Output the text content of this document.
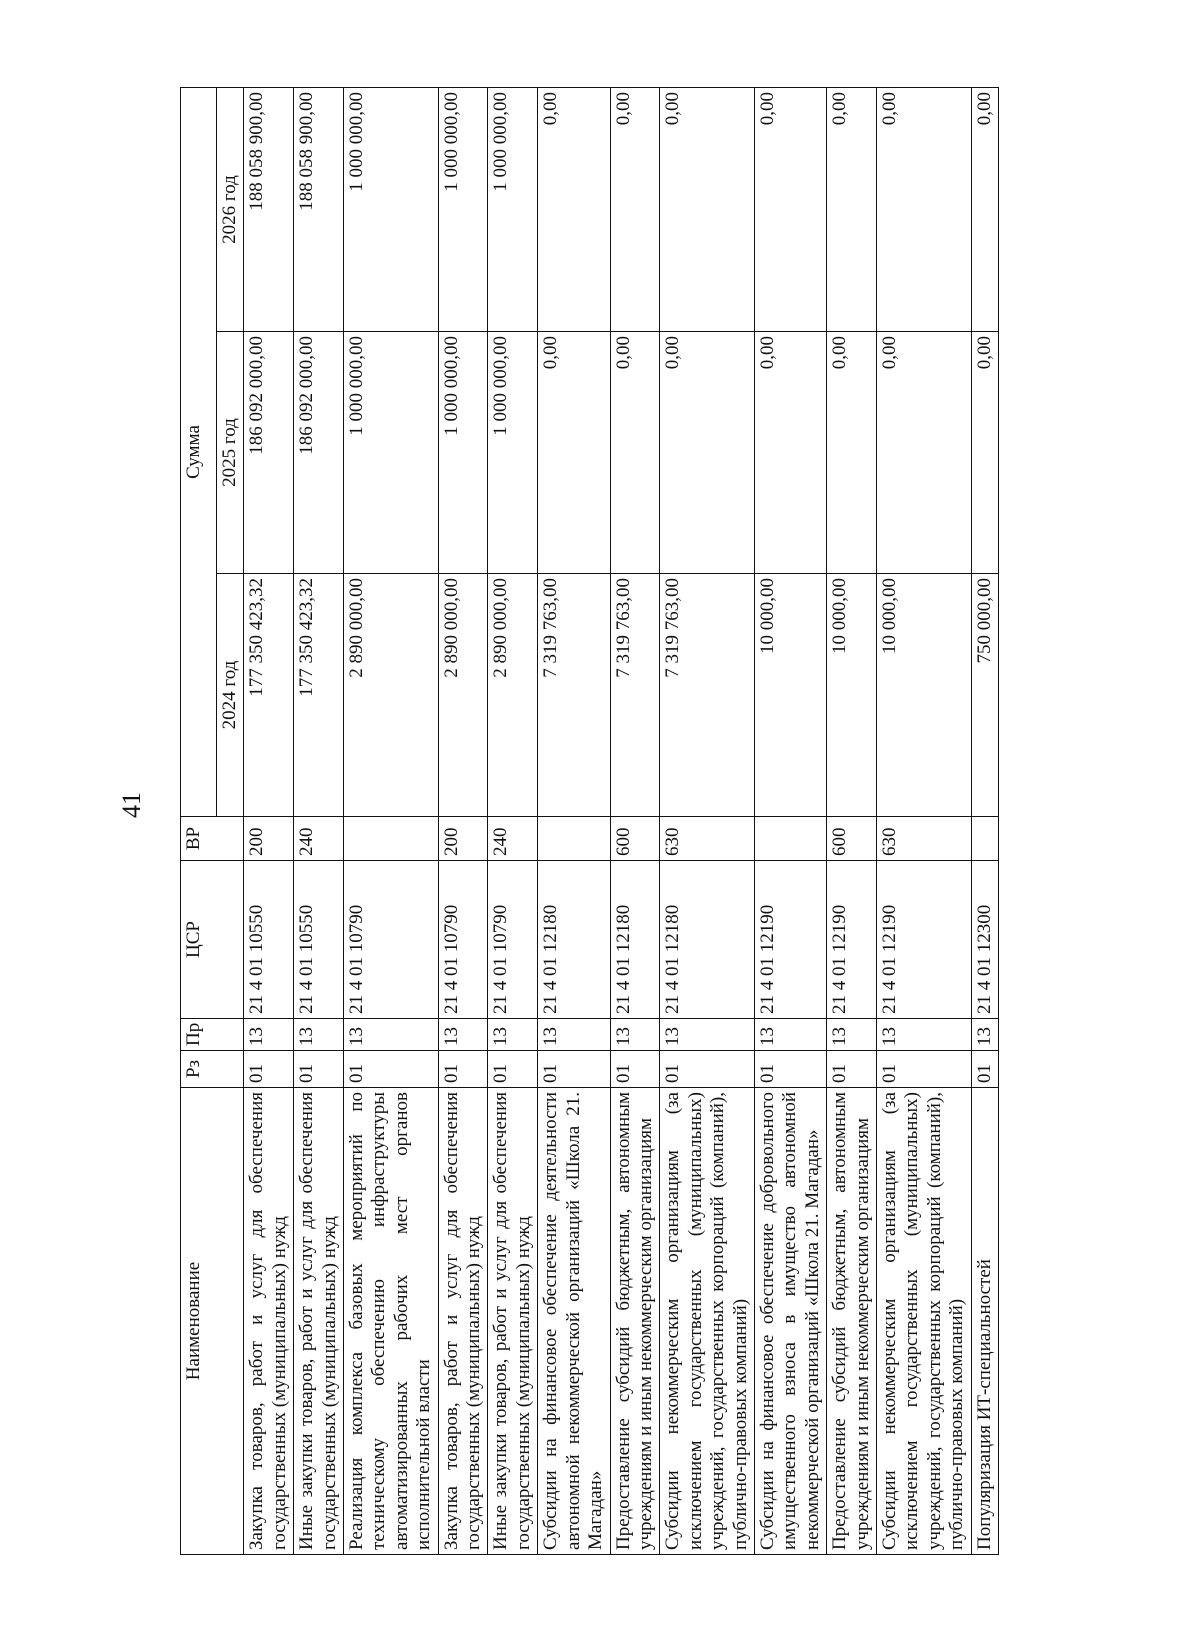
41
Наименование	Рз	Пр	ЦСР	ВР	Сумма		
					2024 год	2025 год	2026 год
Закупка товаров, работ и услуг для обеспечения государственных (муниципальных) нужд	01	13	21 4 01 10550	200	177 350 423,32	186 092 000,00	188 058 900,00
Иные закупки товаров, работ и услуг для обеспечения государственных (муниципальных) нужд	01	13	21 4 01 10550	240	177 350 423,32	186 092 000,00	188 058 900,00
Реализация комплекса базовых мероприятий по техническому обеспечению инфраструктуры автоматизированных рабочих мест органов исполнительной власти	01	13	21 4 01 10790		2 890 000,00	1 000 000,00	1 000 000,00
Закупка товаров, работ и услуг для обеспечения государственных (муниципальных) нужд	01	13	21 4 01 10790	200	2 890 000,00	1 000 000,00	1 000 000,00
Иные закупки товаров, работ и услуг для обеспечения государственных (муниципальных) нужд	01	13	21 4 01 10790	240	2 890 000,00	1 000 000,00	1 000 000,00
Субсидии на финансовое обеспечение деятельности автономной некоммерческой организаций «Школа 21. Магадан»	01	13	21 4 01 12180		7 319 763,00	0,00	0,00
Предоставление субсидий бюджетным, автономным учреждениям и иным некоммерческим организациям	01	13	21 4 01 12180	600	7 319 763,00	0,00	0,00
Субсидии некоммерческим организациям (за исключением государственных (муниципальных) учреждений, государственных корпораций (компаний), публично-правовых компаний)	01	13	21 4 01 12180	630	7 319 763,00	0,00	0,00
Субсидии на финансовое обеспечение добровольного имущественного взноса в имущество автономной некоммерческой организаций «Школа 21. Магадан»	01	13	21 4 01 12190		10 000,00	0,00	0,00
Предоставление субсидий бюджетным, автономным учреждениям и иным некоммерческим организациям	01	13	21 4 01 12190	600	10 000,00	0,00	0,00
Субсидии некоммерческим организациям (за исключением государственных (муниципальных) учреждений, государственных корпораций (компаний), публично-правовых компаний)	01	13	21 4 01 12190	630	10 000,00	0,00	0,00
Популяризация ИТ-специальностей	01	13	21 4 01 12300		750 000,00	0,00	0,00
